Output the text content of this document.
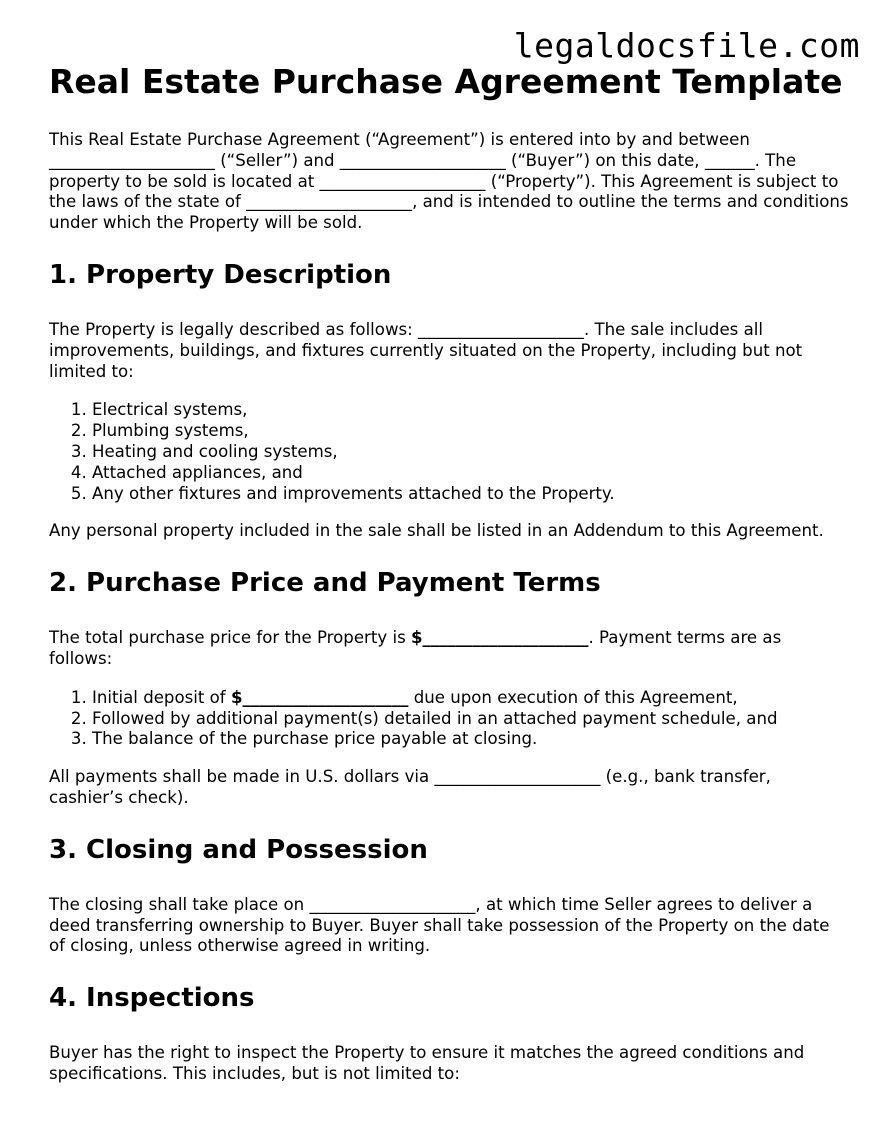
legaldocsfile.com
Real Estate Purchase Agreement Template

This Real Estate Purchase Agreement (“Agreement”) is entered into by and between ____________________ (“Seller”) and ____________________ (“Buyer”) on this date, ______. The property to be sold is located at ____________________ (“Property”). This Agreement is subject to the laws of the state of ____________________, and is intended to outline the terms and conditions under which the Property will be sold.

1. Property Description

The Property is legally described as follows: ____________________. The sale includes all improvements, buildings, and fixtures currently situated on the Property, including but not limited to:

1. Electrical systems,
2. Plumbing systems,
3. Heating and cooling systems,
4. Attached appliances, and
5. Any other fixtures and improvements attached to the Property.

Any personal property included in the sale shall be listed in an Addendum to this Agreement.

2. Purchase Price and Payment Terms

The total purchase price for the Property is $____________________. Payment terms are as follows:

1. Initial deposit of $____________________ due upon execution of this Agreement,
2. Followed by additional payment(s) detailed in an attached payment schedule, and
3. The balance of the purchase price payable at closing.

All payments shall be made in U.S. dollars via ____________________ (e.g., bank transfer, cashier’s check).

3. Closing and Possession

The closing shall take place on ____________________, at which time Seller agrees to deliver a deed transferring ownership to Buyer. Buyer shall take possession of the Property on the date of closing, unless otherwise agreed in writing.

4. Inspections

Buyer has the right to inspect the Property to ensure it matches the agreed conditions and specifications. This includes, but is not limited to:
